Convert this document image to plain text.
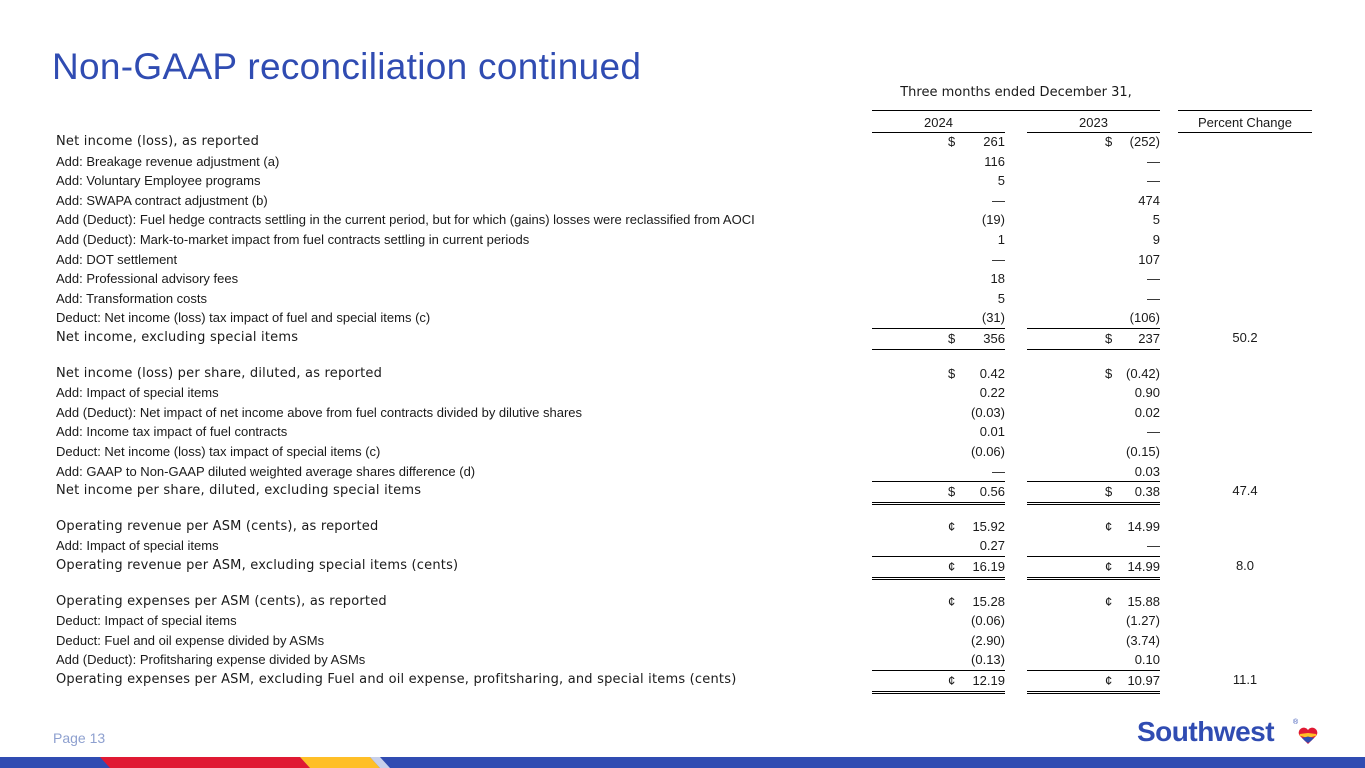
Non-GAAP reconciliation continued
Three months ended December 31,
2024	2023	Percent Change
Net income (loss), as reported	$ 261	$ (252)
Add: Breakage revenue adjustment (a)	116	—
Add: Voluntary Employee programs	5	—
Add: SWAPA contract adjustment (b)	—	474
Add (Deduct): Fuel hedge contracts settling in the current period, but for which (gains) losses were reclassified from AOCI	(19)	5
Add (Deduct): Mark-to-market impact from fuel contracts settling in current periods	1	9
Add: DOT settlement	—	107
Add: Professional advisory fees	18	—
Add: Transformation costs	5	—
Deduct: Net income (loss) tax impact of fuel and special items (c)	(31)	(106)
Net income, excluding special items	$ 356	$ 237	50.2
Net income (loss) per share, diluted, as reported	$ 0.42	$ (0.42)
Add: Impact of special items	0.22	0.90
Add (Deduct): Net impact of net income above from fuel contracts divided by dilutive shares	(0.03)	0.02
Add: Income tax impact of fuel contracts	0.01	—
Deduct: Net income (loss) tax impact of special items (c)	(0.06)	(0.15)
Add: GAAP to Non-GAAP diluted weighted average shares difference (d)	—	0.03
Net income per share, diluted, excluding special items	$ 0.56	$ 0.38	47.4
Operating revenue per ASM (cents), as reported	¢ 15.92	¢ 14.99
Add: Impact of special items	0.27	—
Operating revenue per ASM, excluding special items (cents)	¢ 16.19	¢ 14.99	8.0
Operating expenses per ASM (cents), as reported	¢ 15.28	¢ 15.88
Deduct: Impact of special items	(0.06)	(1.27)
Deduct: Fuel and oil expense divided by ASMs	(2.90)	(3.74)
Add (Deduct): Profitsharing expense divided by ASMs	(0.13)	0.10
Operating expenses per ASM, excluding Fuel and oil expense, profitsharing, and special items (cents)	¢ 12.19	¢ 10.97	11.1
Page 13	Southwest	®
